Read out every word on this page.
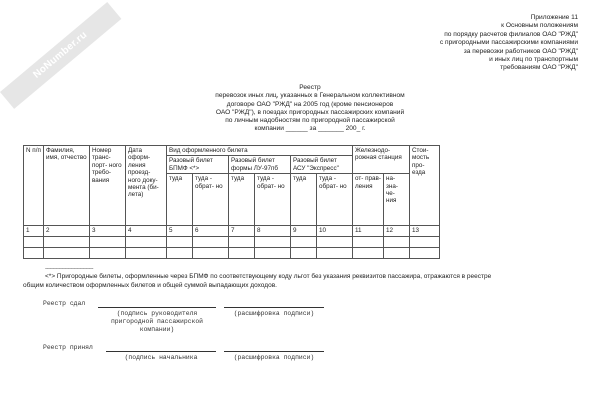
NoNumber.ru
Приложение 11
к Основным положениям
по порядку расчетов филиалов ОАО "РЖД"
с пригородными пассажирскими компаниями
за перевозки работников ОАО "РЖД"
и иных лиц по транспортным
требованиям ОАО "РЖД"
Реестр
перевозок иных лиц, указанных в Генеральном коллективном
договоре ОАО "РЖД" на 2005 год (кроме пенсионеров
ОАО "РЖД"), в поездах пригородных пассажирских компаний
по личным надобностям по пригородной пассажирской
компании ______ за _______ 200_ г.
N п/п	Фамилия, имя, отчество	Номер транс- порт- ного требо- вания	Дата оформ- ления проезд- ного доку- мента (би- лета)	Вид оформленного билета						Железнодо- рожная станция		Стои- мость про- езда
				Разовый билет БПМФ <*>		Разовый билет формы ЛУ-97пб		Разовый билет АСУ "Экспресс"				
				туда	туда - обрат- но	туда	туда - обрат- но	туда	туда - обрат- но	от- прав- ления	на- зна- че- ния	
1	2	3	4	5	6	7	8	9	10	11	12	13

--------------------------------
<*> Пригородные билеты, оформленные через БПМФ по соответствующему коду льгот без указания реквизитов пассажира, отражаются в реестре
общим количеством оформленных билетов и общей суммой выпадающих доходов.
Реестр сдал
(подпись руководителя
пригородной пассажирской
компании)
(расшифровка подписи)
Реестр принял
(подпись начальника	(расшифровка подписи)
